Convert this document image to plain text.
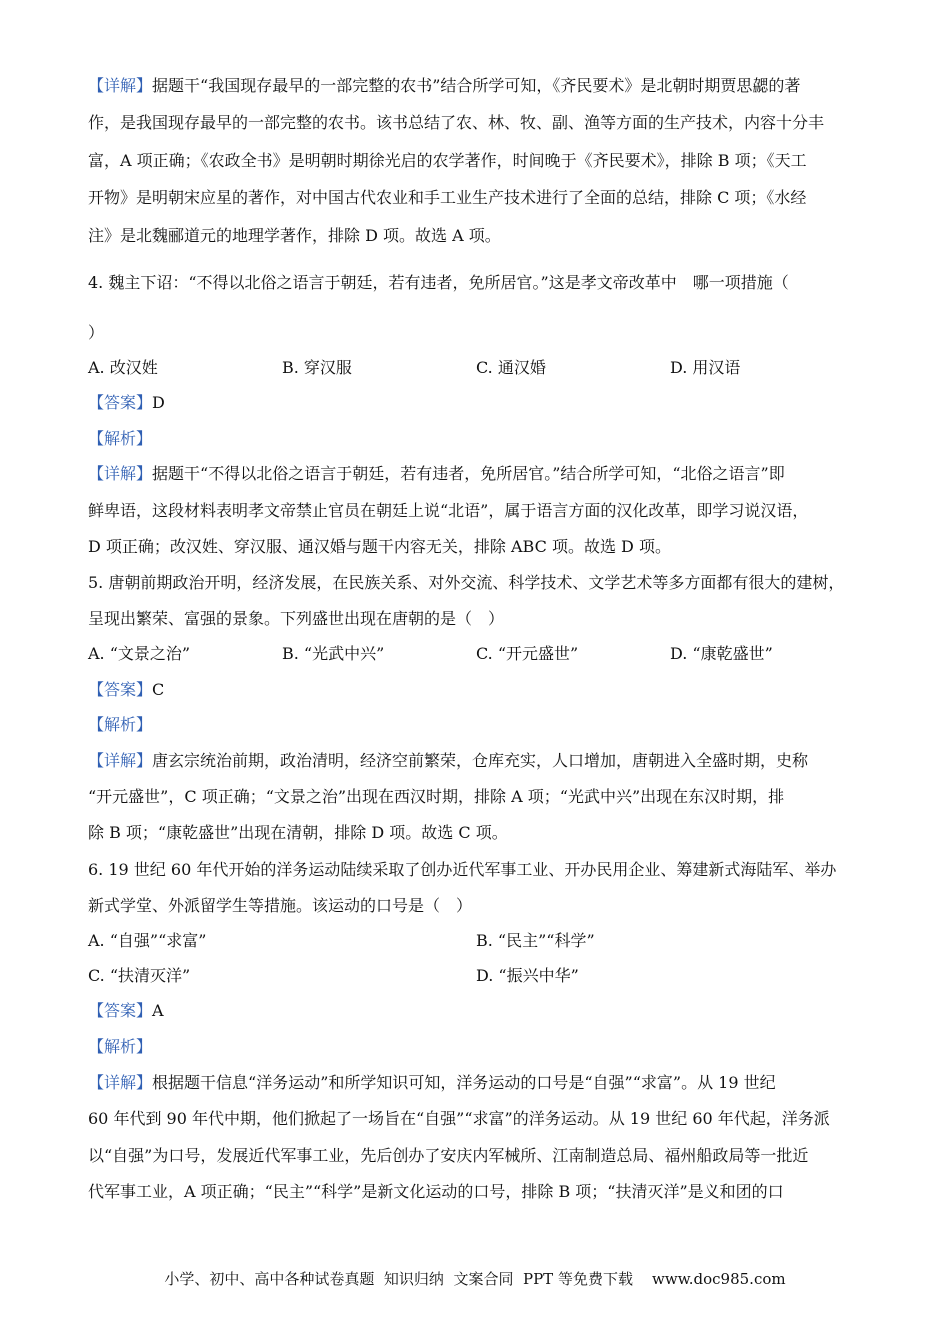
【详解】据题干“我国现存最早的一部完整的农书”结合所学可知，《齐民要术》是北朝时期贾思勰的著
作，是我国现存最早的一部完整的农书。该书总结了农、林、牧、副、渔等方面的生产技术，内容十分丰
富，A 项正确；《农政全书》是明朝时期徐光启的农学著作，时间晚于《齐民要术》，排除 B 项；《天工
开物》是明朝宋应星的著作，对中国古代农业和手工业生产技术进行了全面的总结，排除 C 项；《水经
注》是北魏郦道元的地理学著作，排除 D 项。故选 A 项。
4. 魏主下诏：“不得以北俗之语言于朝廷，若有违者，免所居官。”这是孝文帝改革中　哪一项措施（
）
A. 改汉姓	B. 穿汉服	C. 通汉婚	D. 用汉语
【答案】D
【解析】
【详解】据题干“不得以北俗之语言于朝廷，若有违者，免所居官。”结合所学可知，“北俗之语言”即
鲜卑语，这段材料表明孝文帝禁止官员在朝廷上说“北语”，属于语言方面的汉化改革，即学习说汉语，
D 项正确；改汉姓、穿汉服、通汉婚与题干内容无关，排除 ABC 项。故选 D 项。
5. 唐朝前期政治开明，经济发展，在民族关系、对外交流、科学技术、文学艺术等多方面都有很大的建树，
呈现出繁荣、富强的景象。下列盛世出现在唐朝的是（　）
A. “文景之治”	B. “光武中兴”	C. “开元盛世”	D. “康乾盛世”
【答案】C
【解析】
【详解】唐玄宗统治前期，政治清明，经济空前繁荣，仓库充实，人口增加，唐朝进入全盛时期，史称
“开元盛世”，C 项正确；“文景之治”出现在西汉时期，排除 A 项；“光武中兴”出现在东汉时期，排
除 B 项；“康乾盛世”出现在清朝，排除 D 项。故选 C 项。
6. 19 世纪 60 年代开始的洋务运动陆续采取了创办近代军事工业、开办民用企业、筹建新式海陆军、举办
新式学堂、外派留学生等措施。该运动的口号是（　）
A. “自强”“求富”	B. “民主”“科学”
C. “扶清灭洋”	D. “振兴中华”
【答案】A
【解析】
【详解】根据题干信息“洋务运动”和所学知识可知，洋务运动的口号是“自强”“求富”。从 19 世纪
60 年代到 90 年代中期，他们掀起了一场旨在“自强”“求富”的洋务运动。从 19 世纪 60 年代起，洋务派
以“自强”为口号，发展近代军事工业，先后创办了安庆内军械所、江南制造总局、福州船政局等一批近
代军事工业，A 项正确；“民主”“科学”是新文化运动的口号，排除 B 项；“扶清灭洋”是义和团的口
小学、初中、高中各种试卷真题  知识归纳  文案合同  PPT 等免费下载    www.doc985.com
